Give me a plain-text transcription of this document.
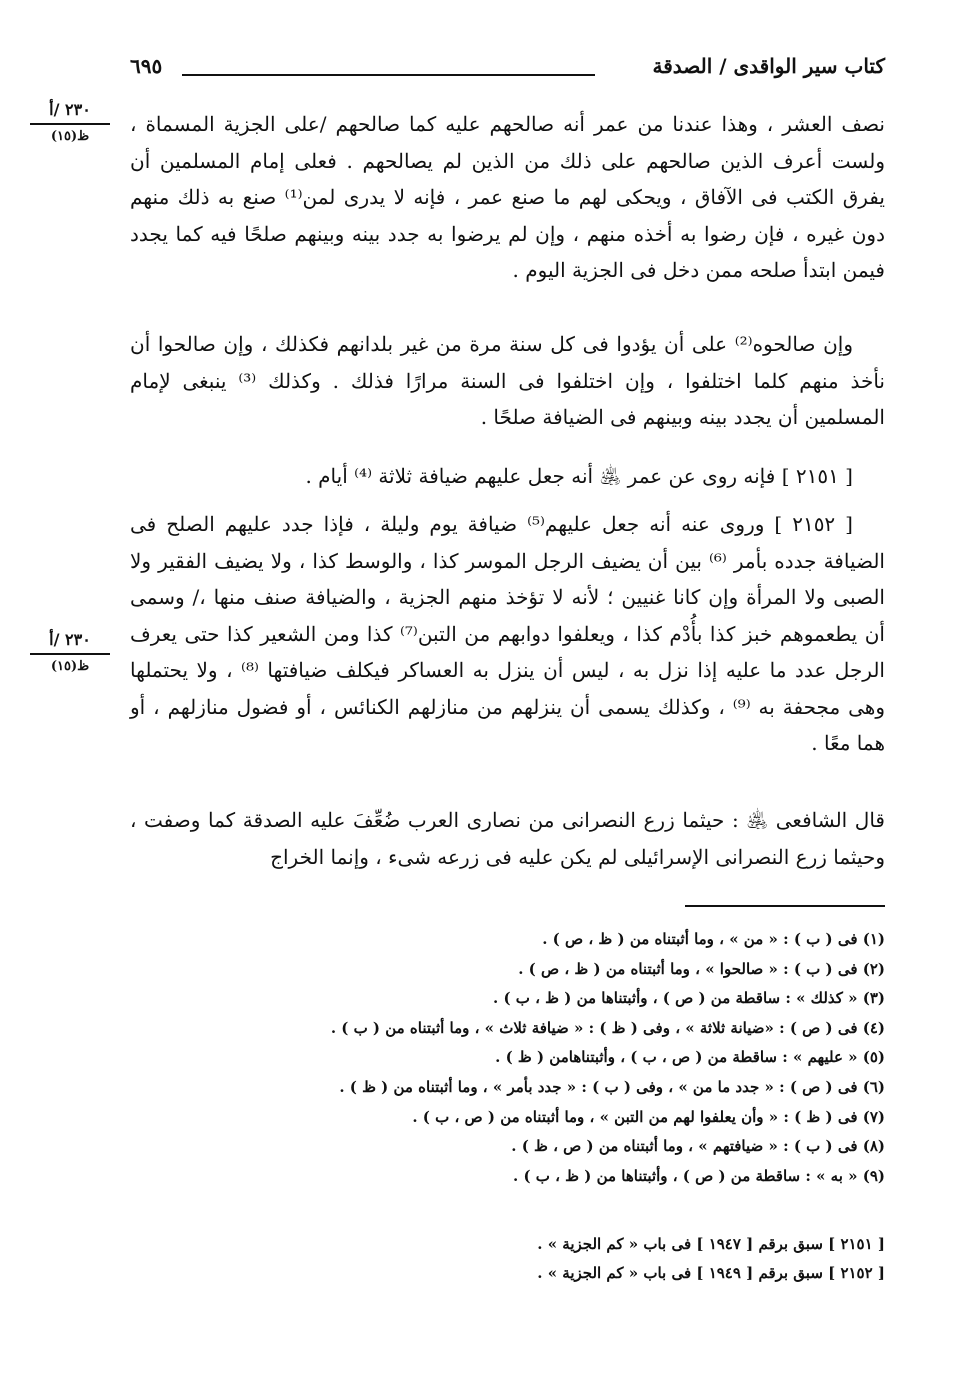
٦٩٥	كتاب سير الواقدى / الصدقة
٢٣٠ /أ
ظ(١٥)
٢٣٠ /أ
ظ(١٥)

نصف العشر ، وهذا عندنا من عمر أنه صالحهم عليه كما صالحهم /على الجزية المسماة ، ولست أعرف الذين صالحهم على ذلك من الذين لم يصالحهم . فعلى إمام المسلمين أن يفرق الكتب فى الآفاق ، ويحكى لهم ما صنع عمر ، فإنه لا يدرى لمن⁽¹⁾ صنع به ذلك منهم دون غيره ، فإن رضوا به أخذه منهم ، وإن لم يرضوا به جدد بينه وبينهم صلحًا فيه كما يجدد فيمن ابتدأ صلحه ممن دخل فى الجزية اليوم .

وإن صالحوه⁽²⁾ على أن يؤدوا فى كل سنة مرة من غير بلدانهم فكذلك ، وإن صالحوا أن نأخذ منهم كلما اختلفوا ، وإن اختلفوا فى السنة مرارًا فذلك . وكذلك ⁽³⁾ ينبغى لإمام المسلمين أن يجدد بينه وبينهم فى الضيافة صلحًا .

[ ٢١٥١ ] فإنه روى عن عمر ﵁ أنه جعل عليهم ضيافة ثلاثة ⁽⁴⁾ أيام .

[ ٢١٥٢ ] وروى عنه أنه جعل عليهم⁽⁵⁾ ضيافة يوم وليلة ، فإذا جدد عليهم الصلح فى الضيافة جدده بأمر ⁽⁶⁾ بين أن يضيف الرجل الموسر كذا ، والوسط كذا ، ولا يضيف الفقير ولا الصبى ولا المرأة وإن كانا غنيين ؛ لأنه لا تؤخذ منهم الجزية ، والضيافة صنف منها ،/ وسمى أن يطعموهم خبز كذا بأُدْم كذا ، ويعلفوا دوابهم من التبن⁽⁷⁾ كذا ومن الشعير كذا حتى يعرف الرجل عدد ما عليه إذا نزل به ، ليس أن ينزل به العساكر فيكلف ضيافتها ⁽⁸⁾ ، ولا يحتملها وهى مجحفة به ⁽⁹⁾ ، وكذلك يسمى أن ينزلهم من منازلهم الكنائس ، أو فضول منازلهم ، أو هما معًا .

قال الشافعى ﵁ : حيثما زرع النصرانى من نصارى العرب ضُعِّفَ عليه الصدقة كما وصفت ، وحيثما زرع النصرانى الإسرائيلى لم يكن عليه فى زرعه شىء ، وإنما الخراج

(١) فى ( ب ) : « من » ، وما أثبتناه من ( ظ ، ص ) .
(٢) فى ( ب ) : « صالحوا » ، وما أثبتناه من ( ظ ، ص ) .
(٣) « كذلك » : ساقطة من ( ص ) ، وأثبتناها من ( ظ ، ب ) .
(٤) فى ( ص ) : «ضيانة ثلاثة » ، وفى ( ظ ) : « ضيافة ثلاث » ، وما أثبتناه من ( ب ) .
(٥) « عليهم » : ساقطة من ( ص ، ب ) ، وأثبتناهامن ( ظ ) .
(٦) فى ( ص ) : « جدد ما من » ، وفى ( ب ) : « جدد بأمر » ، وما أثبتناه من ( ظ ) .
(٧) فى ( ظ ) : « وأن يعلفوا لهم من التبن » ، وما أثبتناه من ( ص ، ب ) .
(٨) فى ( ب ) : « ضيافتهم » ، وما أثبتناه من ( ص ، ظ ) .
(٩) « به » : ساقطة من ( ص ) ، وأثبتناها من ( ظ ، ب ) .
[ ٢١٥١ ] سبق برقم [ ١٩٤٧ ] فى باب « كم الجزية » .
[ ٢١٥٢ ] سبق برقم [ ١٩٤٩ ] فى باب « كم الجزية » .
